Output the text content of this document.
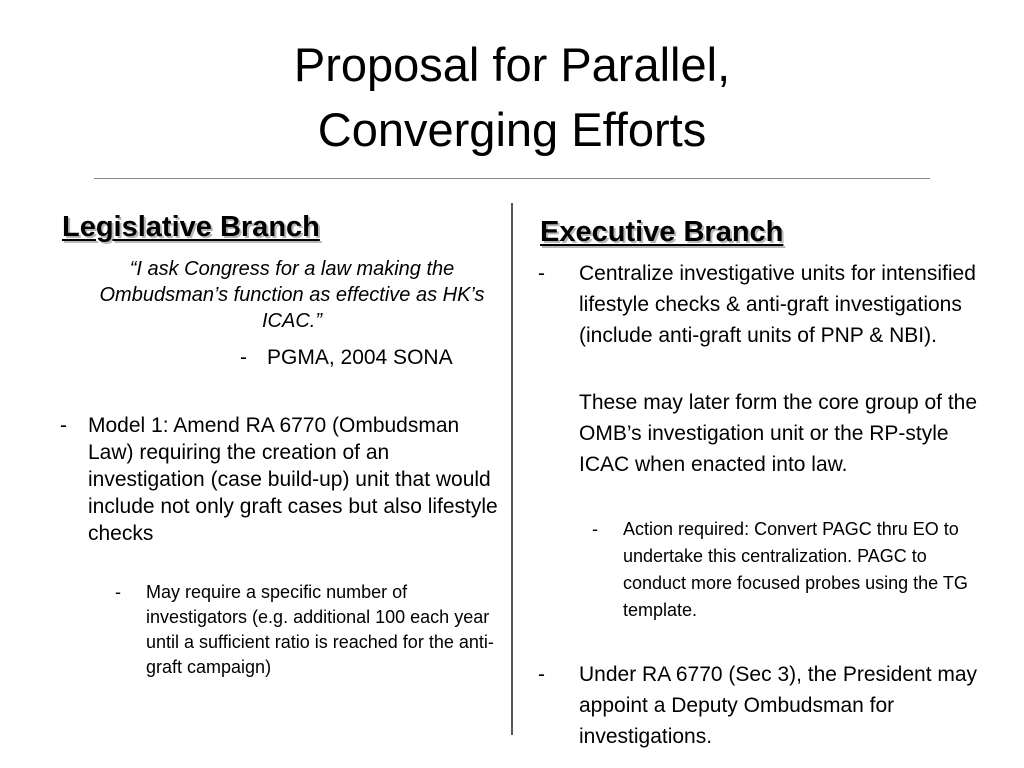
Proposal for Parallel,
Converging Efforts
Legislative Branch

“I ask Congress for a law making the Ombudsman’s function as effective as HK’s ICAC.”

- PGMA, 2004 SONA
- Model 1: Amend RA 6770 (Ombudsman Law) requiring the creation of an investigation (case build-up) unit that would include not only graft cases but also lifestyle checks
- May require a specific number of investigators (e.g. additional 100 each year until a sufficient ratio is reached for the anti-graft campaign)
Executive Branch
- Centralize investigative units for intensified lifestyle checks & anti-graft investigations (include anti-graft units of PNP & NBI).
These may later form the core group of the OMB’s investigation unit or the RP-style ICAC when enacted into law.
- Action required: Convert PAGC thru EO to undertake this centralization. PAGC to conduct more focused probes using the TG template.
- Under RA 6770 (Sec 3), the President may appoint a Deputy Ombudsman for investigations.
